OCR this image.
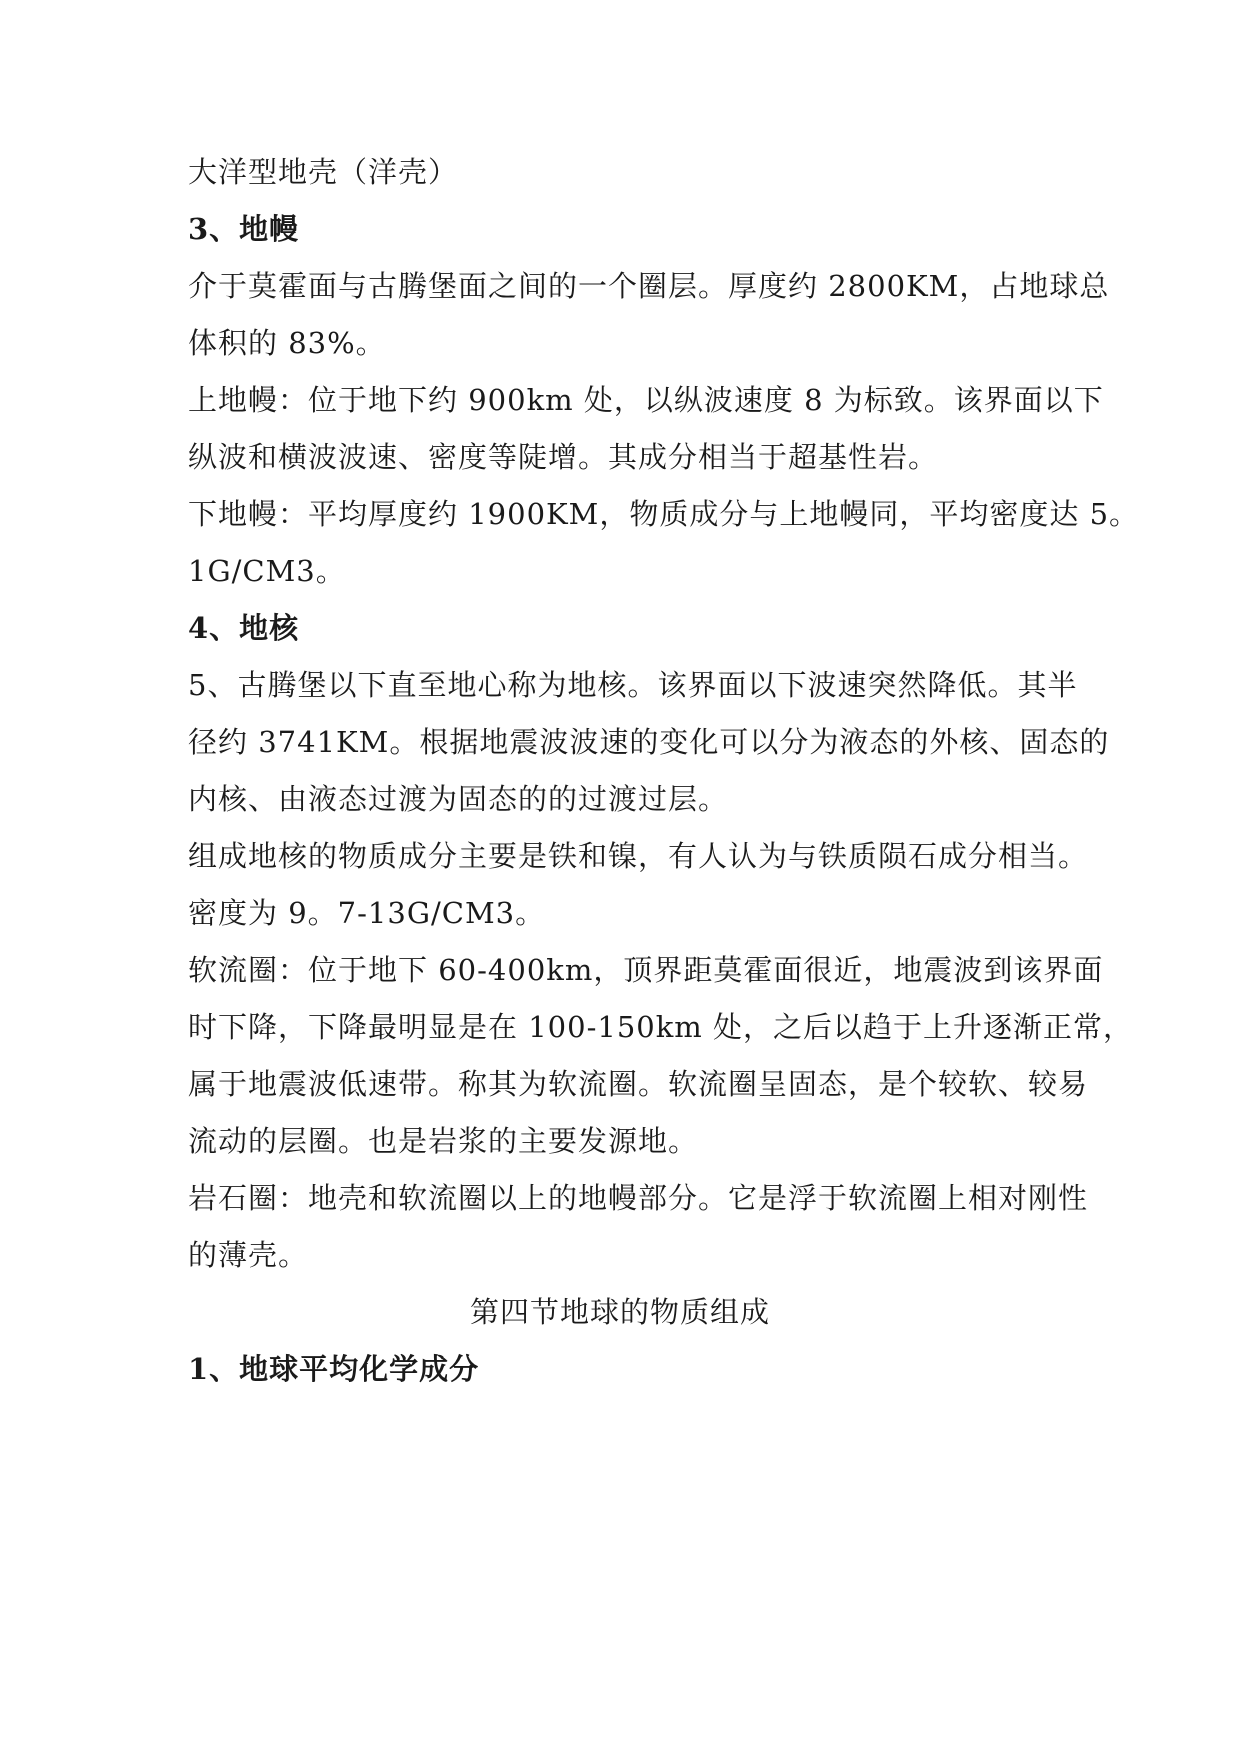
大洋型地壳（洋壳）
3、地幔
介于莫霍面与古腾堡面之间的一个圈层。厚度约 2800KM，占地球总
体积的 83%。
上地幔：位于地下约 900km 处，以纵波速度 8 为标致。该界面以下
纵波和横波波速、密度等陡增。其成分相当于超基性岩。
下地幔：平均厚度约 1900KM，物质成分与上地幔同，平均密度达 5。
1G/CM3。
4、地核
5、古腾堡以下直至地心称为地核。该界面以下波速突然降低。其半
径约 3741KM。根据地震波波速的变化可以分为液态的外核、固态的
内核、由液态过渡为固态的的过渡过层。
组成地核的物质成分主要是铁和镍，有人认为与铁质陨石成分相当。
密度为 9。7-13G/CM3。
软流圈：位于地下 60-400km，顶界距莫霍面很近，地震波到该界面
时下降，下降最明显是在 100-150km 处，之后以趋于上升逐渐正常，
属于地震波低速带。称其为软流圈。软流圈呈固态，是个较软、较易
流动的层圈。也是岩浆的主要发源地。
岩石圈：地壳和软流圈以上的地幔部分。它是浮于软流圈上相对刚性
的薄壳。
第四节地球的物质组成
1、地球平均化学成分
